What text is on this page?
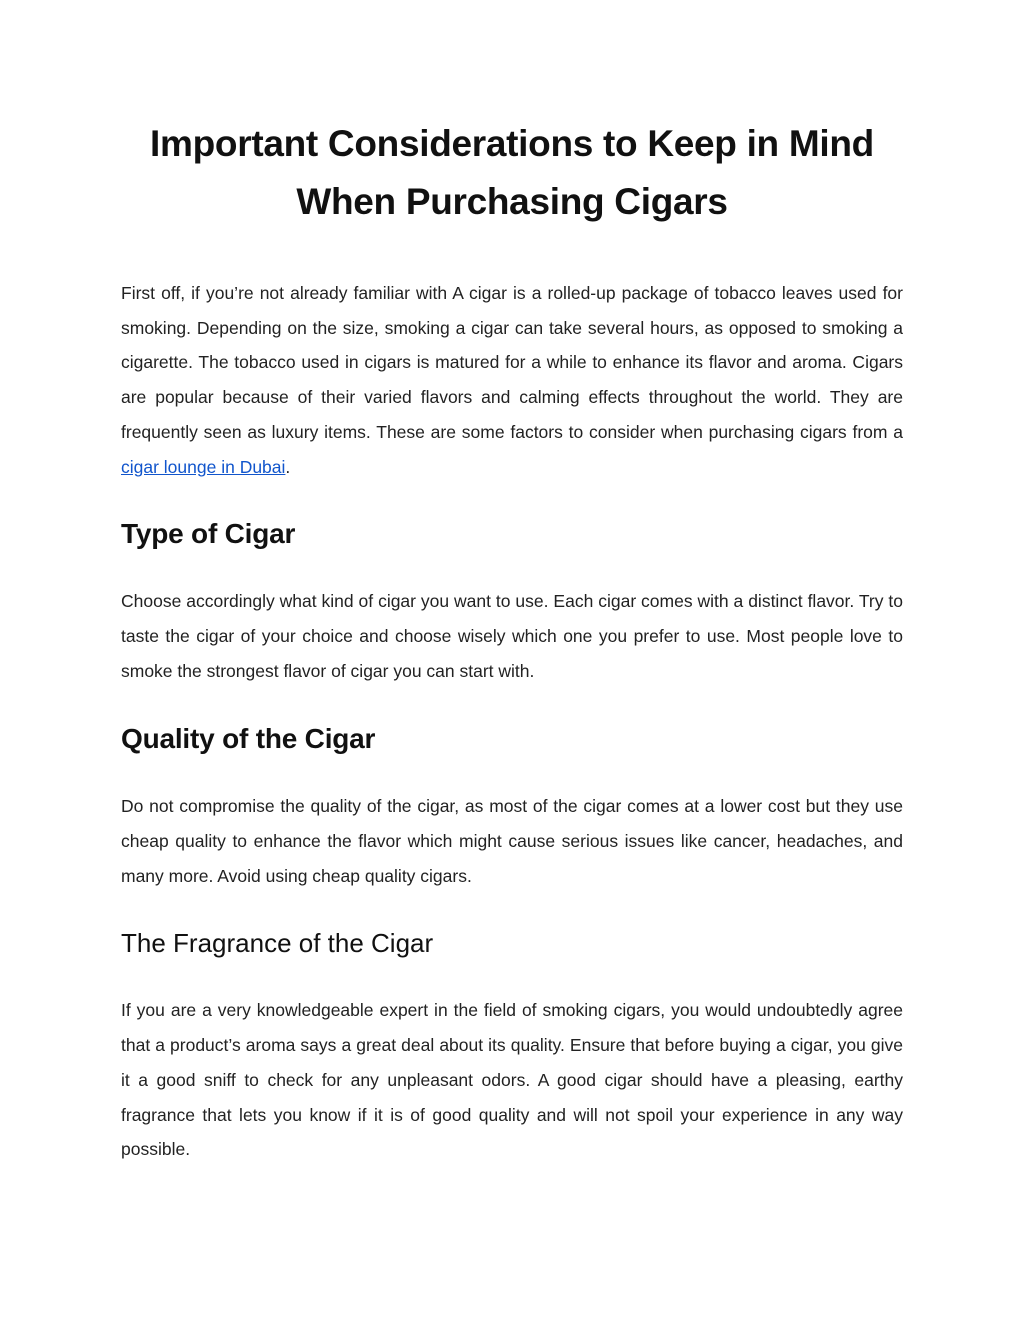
Important Considerations to Keep in Mind
When Purchasing Cigars

First off, if you’re not already familiar with A cigar is a rolled-up package of tobacco leaves used for smoking. Depending on the size, smoking a cigar can take several hours, as opposed to smoking a cigarette. The tobacco used in cigars is matured for a while to enhance its flavor and aroma. Cigars are popular because of their varied flavors and calming effects throughout the world. They are frequently seen as luxury items. These are some factors to consider when purchasing cigars from a cigar lounge in Dubai.

Type of Cigar

Choose accordingly what kind of cigar you want to use. Each cigar comes with a distinct flavor. Try to taste the cigar of your choice and choose wisely which one you prefer to use. Most people love to smoke the strongest flavor of cigar you can start with.

Quality of the Cigar

Do not compromise the quality of the cigar, as most of the cigar comes at a lower cost but they use cheap quality to enhance the flavor which might cause serious issues like cancer, headaches, and many more. Avoid using cheap quality cigars.

The Fragrance of the Cigar

If you are a very knowledgeable expert in the field of smoking cigars, you would undoubtedly agree that a product’s aroma says a great deal about its quality. Ensure that before buying a cigar, you give it a good sniff to check for any unpleasant odors. A good cigar should have a pleasing, earthy fragrance that lets you know if it is of good quality and will not spoil your experience in any way possible.
